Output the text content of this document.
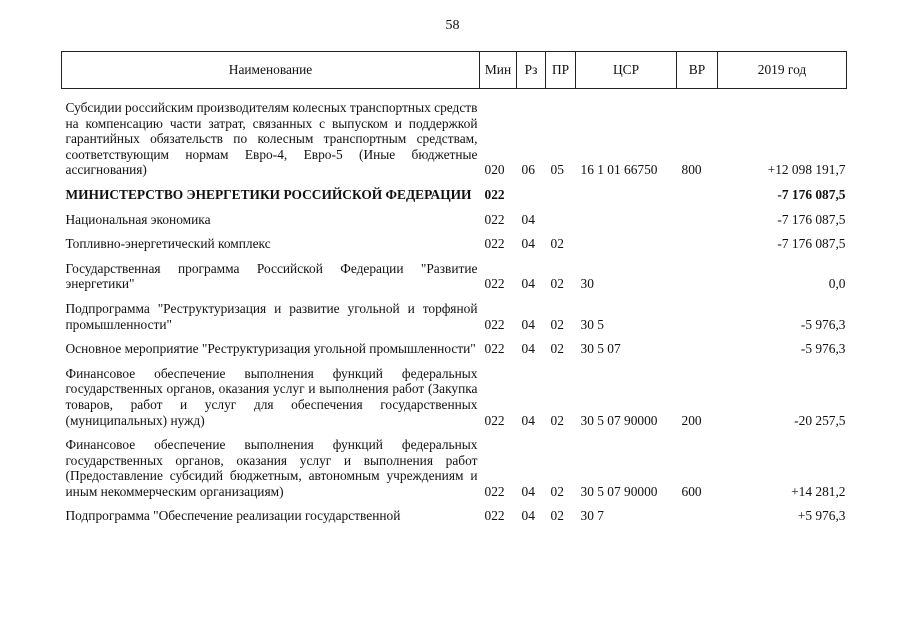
58
Наименование	Мин	Рз	ПР	ЦСР	ВР	2019 год
Субсидии российским производителям колесных транспортных средств на компенсацию части затрат, связанных с выпуском и поддержкой гарантийных обязательств по колесным транспортным средствам, соответствующим нормам Евро-4, Евро-5 (Иные бюджетные ассигнования)	020	06	05	16 1 01 66750	800	+12 098 191,7
МИНИСТЕРСТВО ЭНЕРГЕТИКИ РОССИЙСКОЙ ФЕДЕРАЦИИ	022					-7 176 087,5
Национальная экономика	022	04				-7 176 087,5
Топливно-энергетический комплекс	022	04	02			-7 176 087,5
Государственная программа Российской Федерации "Развитие энергетики"	022	04	02	30		0,0
Подпрограмма "Реструктуризация и развитие угольной и торфяной промышленности"	022	04	02	30 5		-5 976,3
Основное мероприятие "Реструктуризация угольной промышленности"	022	04	02	30 5 07		-5 976,3
Финансовое обеспечение выполнения функций федеральных государственных органов, оказания услуг и выполнения работ (Закупка товаров, работ и услуг для обеспечения государственных (муниципальных) нужд)	022	04	02	30 5 07 90000	200	-20 257,5
Финансовое обеспечение выполнения функций федеральных государственных органов, оказания услуг и выполнения работ (Предоставление субсидий бюджетным, автономным учреждениям и иным некоммерческим организациям)	022	04	02	30 5 07 90000	600	+14 281,2
Подпрограмма "Обеспечение реализации государственной	022	04	02	30 7		+5 976,3
